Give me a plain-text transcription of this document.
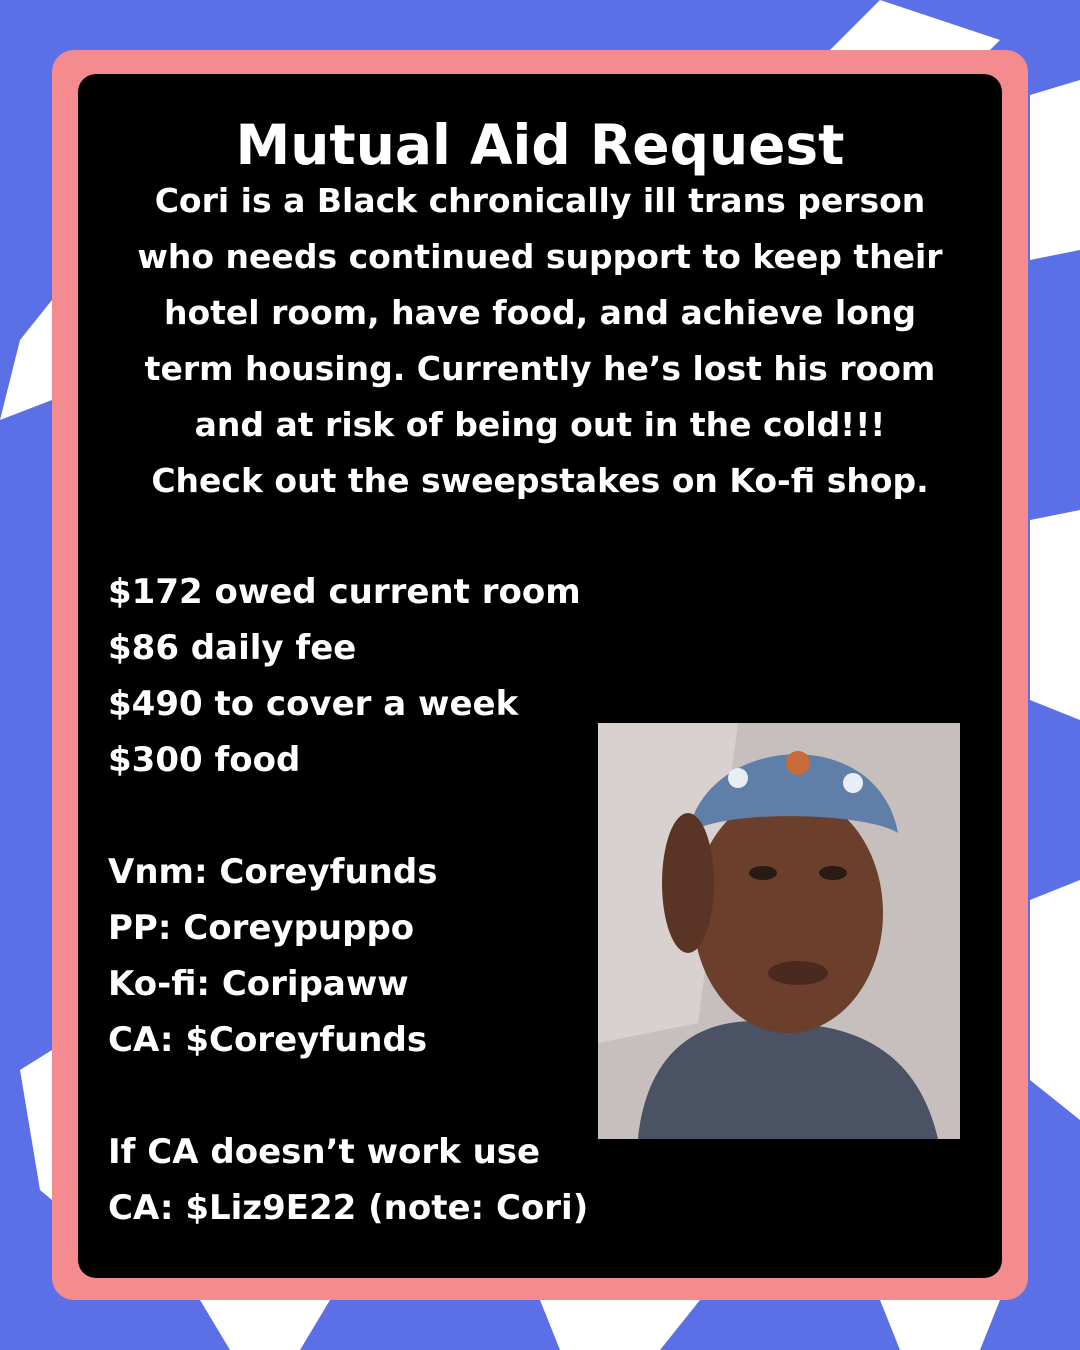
Mutual Aid Request
Cori is a Black chronically ill trans person
who needs continued support to keep their
hotel room, have food, and achieve long
term housing. Currently he’s lost his room
and at risk of being out in the cold!!!
Check out the sweepstakes on Ko-fi shop.
$172 owed current room
$86 daily fee
$490 to cover a week
$300 food
Vnm: Coreyfunds
PP: Coreypuppo
Ko-fi: Coripaww
CA: $Coreyfunds
If CA doesn’t work use
CA: $Liz9E22 (note: Cori)
